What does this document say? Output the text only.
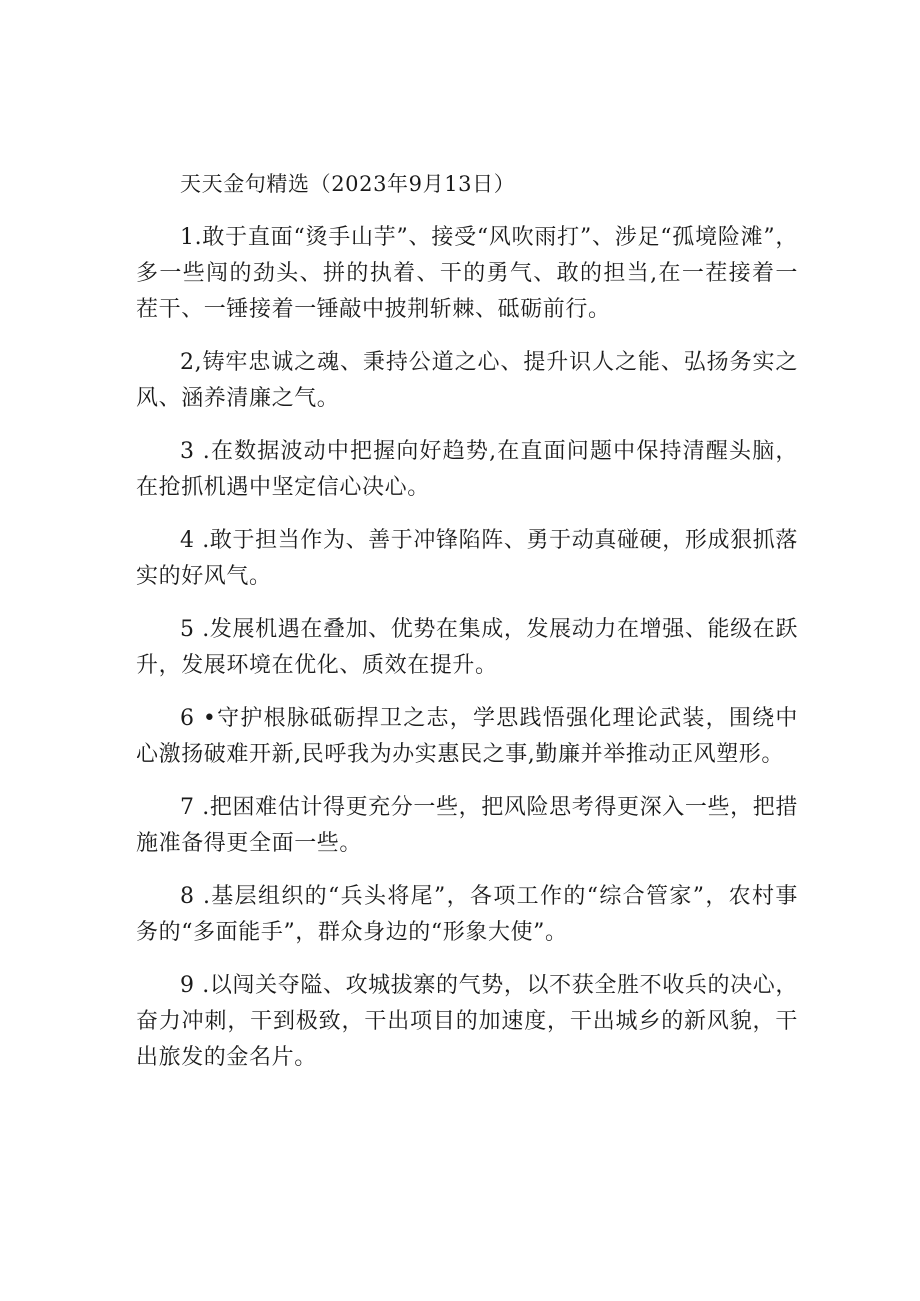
天天金句精选（2023年9月13日）

1.敢于直面“烫手山芋”、接受“风吹雨打”、涉足“孤境险滩”，多一些闯的劲头、拼的执着、干的勇气、敢的担当,在一茬接着一茬干、一锤接着一锤敲中披荆斩棘、砥砺前行。

2,铸牢忠诚之魂、秉持公道之心、提升识人之能、弘扬务实之风、涵养清廉之气。

3 .在数据波动中把握向好趋势,在直面问题中保持清醒头脑，在抢抓机遇中坚定信心决心。

4 .敢于担当作为、善于冲锋陷阵、勇于动真碰硬，形成狠抓落实的好风气。

5 .发展机遇在叠加、优势在集成，发展动力在增强、能级在跃升，发展环境在优化、质效在提升。

6 •守护根脉砥砺捍卫之志，学思践悟强化理论武装，围绕中心激扬破难开新,民呼我为办实惠民之事,勤廉并举推动正风塑形。

7 .把困难估计得更充分一些，把风险思考得更深入一些，把措施准备得更全面一些。

8 .基层组织的“兵头将尾”，各项工作的“综合管家”，农村事务的“多面能手”，群众身边的“形象大使”。

9 .以闯关夺隘、攻城拔寨的气势，以不获全胜不收兵的决心，奋力冲刺，干到极致，干出项目的加速度，干出城乡的新风貌，干出旅发的金名片。
